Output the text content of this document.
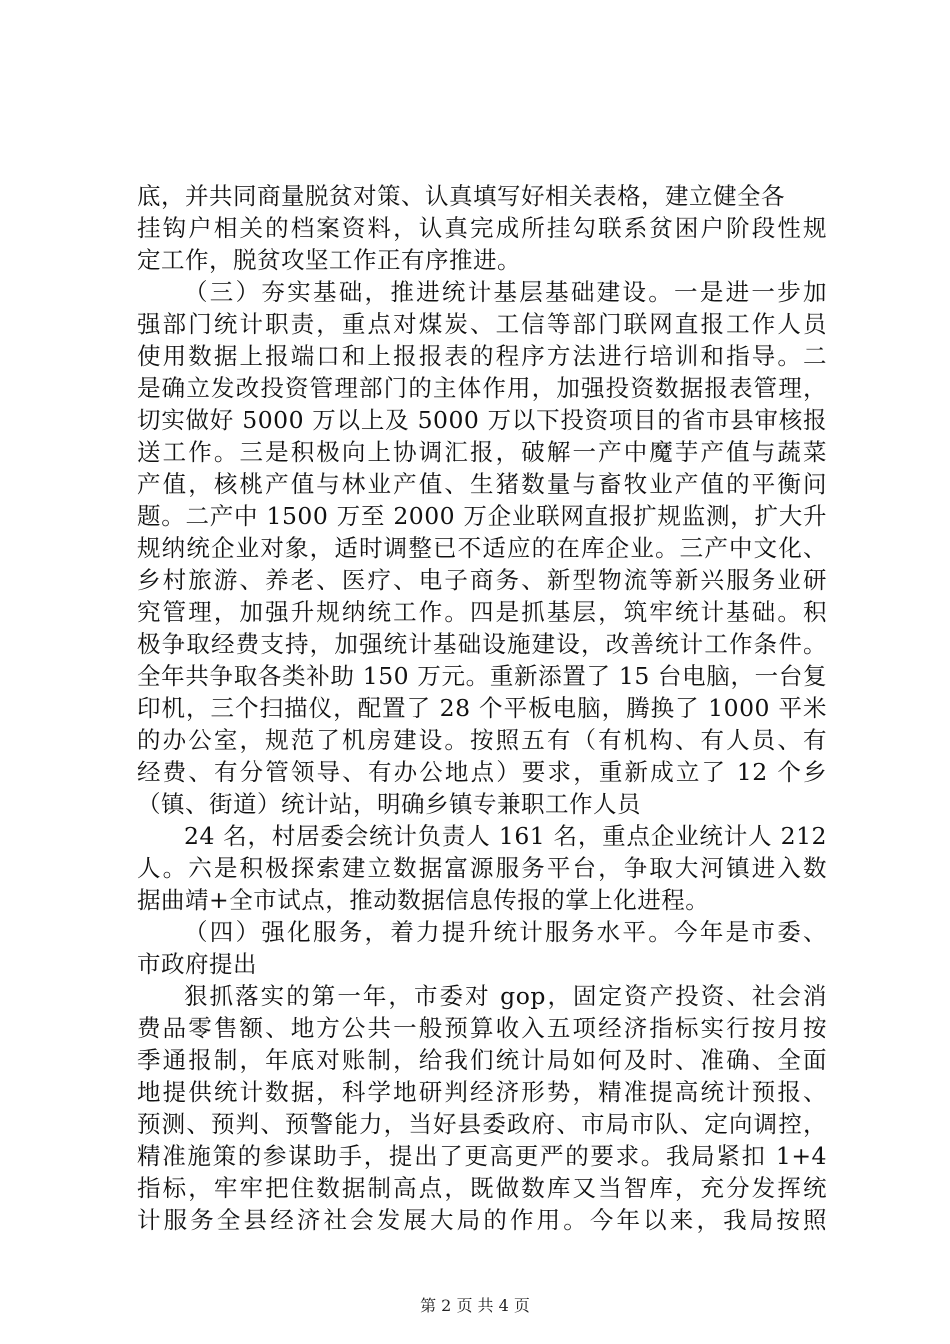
底，并共同商量脱贫对策、认真填写好相关表格，建立健全各
挂钩户相关的档案资料，认真完成所挂勾联系贫困户阶段性规
定工作，脱贫攻坚工作正有序推进。
（三）夯实基础，推进统计基层基础建设。一是进一步加
强部门统计职责，重点对煤炭、工信等部门联网直报工作人员
使用数据上报端口和上报报表的程序方法进行培训和指导。二
是确立发改投资管理部门的主体作用，加强投资数据报表管理，
切实做好 5000 万以上及 5000 万以下投资项目的省市县审核报
送工作。三是积极向上协调汇报，破解一产中魔芋产值与蔬菜
产值，核桃产值与林业产值、生猪数量与畜牧业产值的平衡问
题。二产中 1500 万至 2000 万企业联网直报扩规监测，扩大升
规纳统企业对象，适时调整已不适应的在库企业。三产中文化、
乡村旅游、养老、医疗、电子商务、新型物流等新兴服务业研
究管理，加强升规纳统工作。四是抓基层，筑牢统计基础。积
极争取经费支持，加强统计基础设施建设，改善统计工作条件。
全年共争取各类补助 150 万元。重新添置了 15 台电脑，一台复
印机，三个扫描仪，配置了 28 个平板电脑，腾换了 1000 平米
的办公室，规范了机房建设。按照五有（有机构、有人员、有
经费、有分管领导、有办公地点）要求，重新成立了 12 个乡
（镇、街道）统计站，明确乡镇专兼职工作人员
24 名，村居委会统计负责人 161 名，重点企业统计人 212
人。六是积极探索建立数据富源服务平台，争取大河镇进入数
据曲靖+全市试点，推动数据信息传报的掌上化进程。
（四）强化服务，着力提升统计服务水平。今年是市委、
市政府提出
狠抓落实的第一年，市委对 gop，固定资产投资、社会消
费品零售额、地方公共一般预算收入五项经济指标实行按月按
季通报制，年底对账制，给我们统计局如何及时、准确、全面
地提供统计数据，科学地研判经济形势，精准提高统计预报、
预测、预判、预警能力，当好县委政府、市局市队、定向调控，
精准施策的参谋助手，提出了更高更严的要求。我局紧扣 1+4
指标，牢牢把住数据制高点，既做数库又当智库，充分发挥统
计服务全县经济社会发展大局的作用。今年以来，我局按照
第 2 页 共 4 页
